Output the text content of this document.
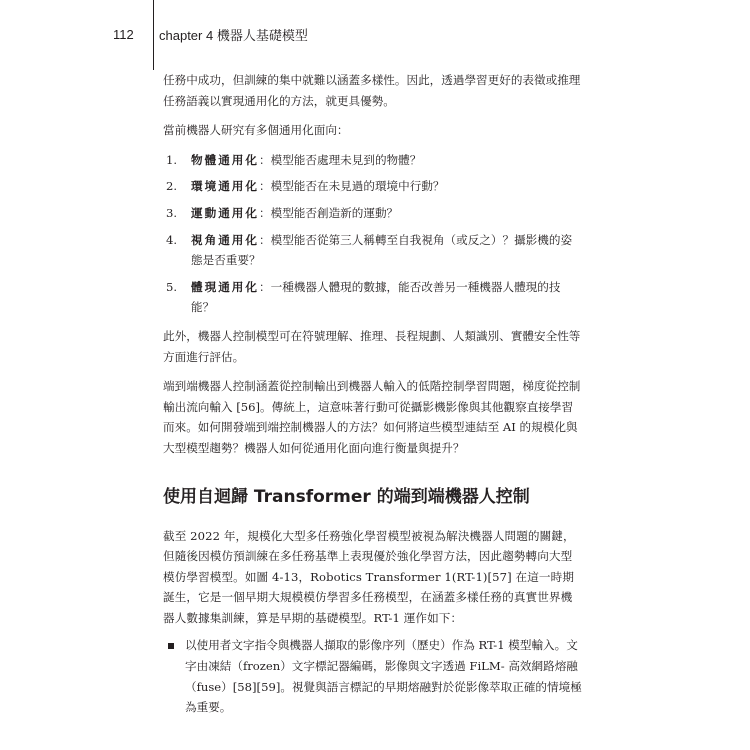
112	chapter 4 機器人基礎模型

任務中成功，但訓練的集中就難以涵蓋多樣性。因此，透過學習更好的表徵或推理任務語義以實現通用化的方法，就更具優勢。

當前機器人研究有多個通用化面向：

1.	物體通用化：模型能否處理未見到的物體？
2.	環境通用化：模型能否在未見過的環境中行動？
3.	運動通用化：模型能否創造新的運動？
4.	視角通用化：模型能否從第三人稱轉至自我視角（或反之）？攝影機的姿態是否重要？
5.	體現通用化：一種機器人體現的數據，能否改善另一種機器人體現的技能？

此外，機器人控制模型可在符號理解、推理、長程規劃、人類識別、實體安全性等方面進行評估。

端到端機器人控制涵蓋從控制輸出到機器人輸入的低階控制學習問題，梯度從控制輸出流向輸入 [56]。傳統上，這意味著行動可從攝影機影像與其他觀察直接學習而來。如何開發端到端控制機器人的方法？如何將這些模型連結至 AI 的規模化與大型模型趨勢？機器人如何從通用化面向進行衡量與提升？

使用自迴歸 Transformer 的端到端機器人控制

截至 2022 年，規模化大型多任務強化學習模型被視為解決機器人問題的關鍵，但隨後因模仿預訓練在多任務基準上表現優於強化學習方法，因此趨勢轉向大型模仿學習模型。如圖 4-13，Robotics Transformer 1(RT-1)[57] 在這一時期誕生，它是一個早期大規模模仿學習多任務模型，在涵蓋多樣任務的真實世界機器人數據集訓練，算是早期的基礎模型。RT-1 運作如下：

以使用者文字指令與機器人擷取的影像序列（歷史）作為 RT-1 模型輸入。文字由凍結（frozen）文字標記器編碼，影像與文字透過 FiLM- 高效網路熔融（fuse）[58][59]。視覺與語言標記的早期熔融對於從影像萃取正確的情境極為重要。
